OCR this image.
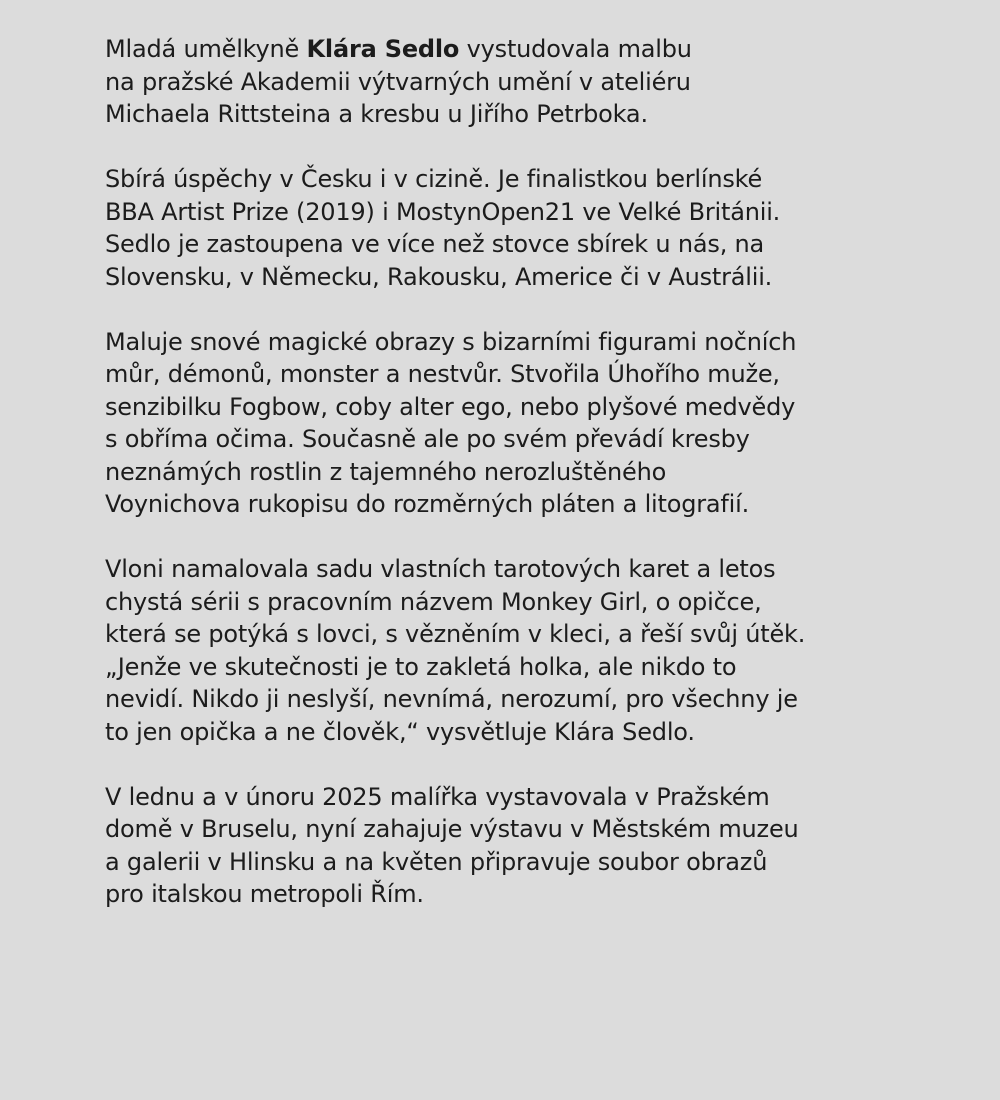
Mladá umělkyně Klára Sedlo vystudovala malbu
na pražské Akademii výtvarných umění v ateliéru
Michaela Rittsteina a kresbu u Jiřího Petrboka.

Sbírá úspěchy v Česku i v cizině. Je finalistkou berlínské
BBA Artist Prize (2019) i MostynOpen21 ve Velké Británii.
Sedlo je zastoupena ve více než stovce sbírek u nás, na
Slovensku, v Německu, Rakousku, Americe či v Austrálii.

Maluje snové magické obrazy s bizarními figurami nočních
můr, démonů, monster a nestvůr. Stvořila Úhořího muže,
senzibilku Fogbow, coby alter ego, nebo plyšové medvědy
s obříma očima. Současně ale po svém převádí kresby
neznámých rostlin z tajemného nerozluštěného
Voynichova rukopisu do rozměrných pláten a litografií.

Vloni namalovala sadu vlastních tarotových karet a letos
chystá sérii s pracovním názvem Monkey Girl, o opičce,
která se potýká s lovci, s vězněním v kleci, a řeší svůj útěk.
„Jenže ve skutečnosti je to zakletá holka, ale nikdo to
nevidí. Nikdo ji neslyší, nevnímá, nerozumí, pro všechny je
to jen opička a ne člověk,“ vysvětluje Klára Sedlo.

V lednu a v únoru 2025 malířka vystavovala v Pražském
domě v Bruselu, nyní zahajuje výstavu v Městském muzeu
a galerii v Hlinsku a na květen připravuje soubor obrazů
pro italskou metropoli Řím.
